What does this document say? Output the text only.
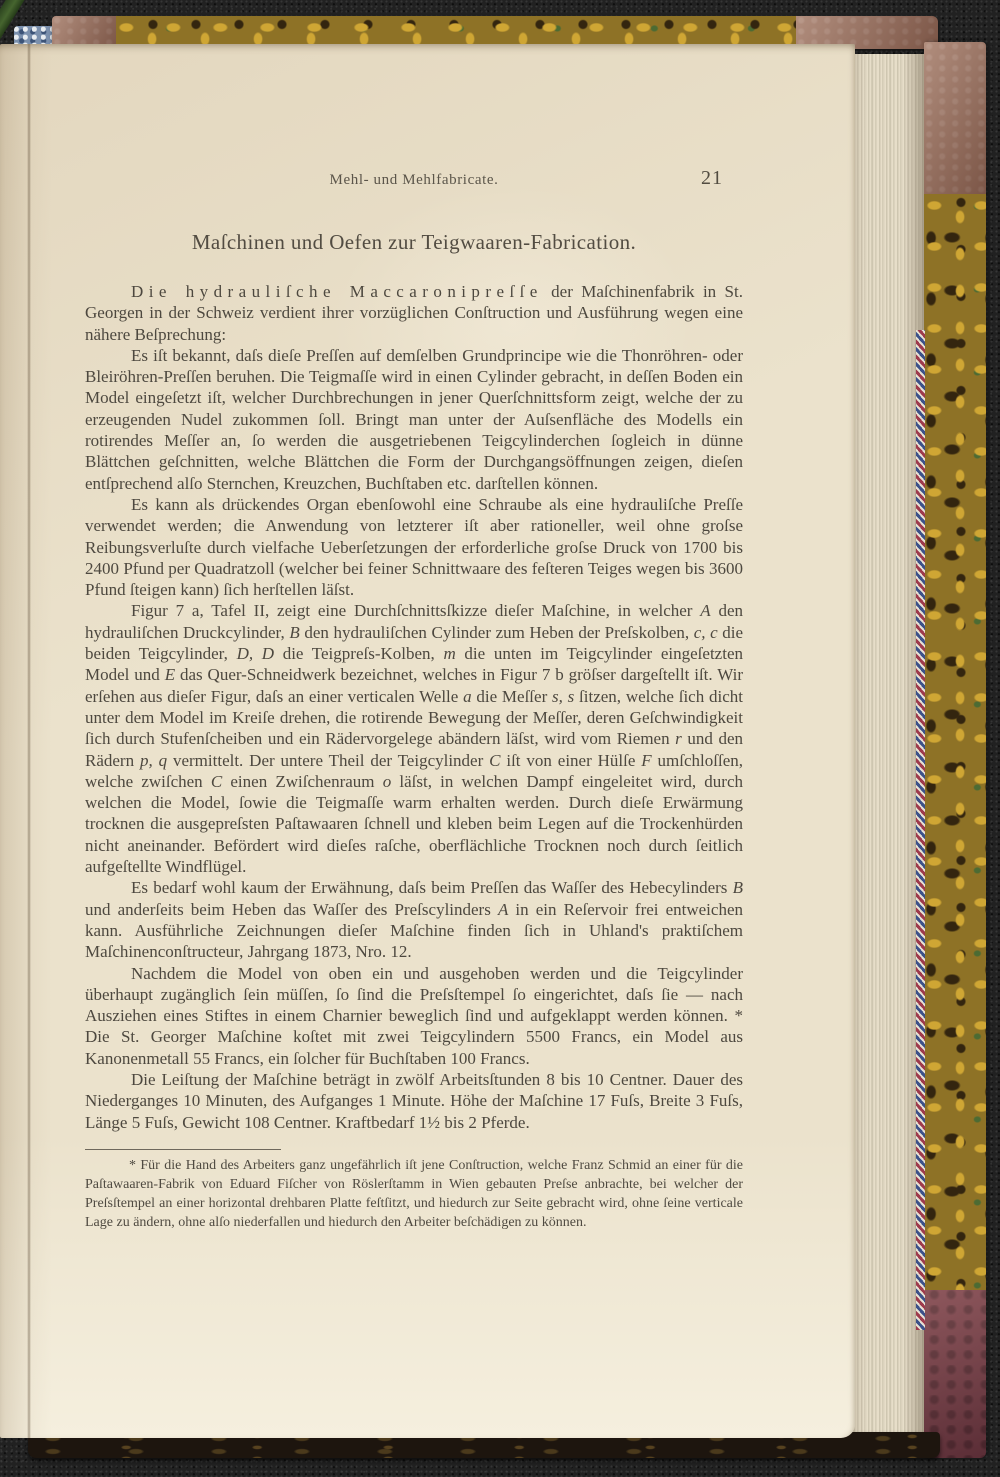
Mehl- und Mehlfabricate.	21
Maſchinen und Oefen zur Teigwaaren-Fabrication.

Die hydrauliſche Maccaronipreſſe der Maſchinenfabrik in St. Georgen in der Schweiz verdient ihrer vorzüglichen Conſtruction und Ausführung wegen eine nähere Beſprechung:

Es iſt bekannt, daſs dieſe Preſſen auf demſelben Grundprincipe wie die Thonröhren- oder Bleiröhren-Preſſen beruhen. Die Teigmaſſe wird in einen Cylinder gebracht, in deſſen Boden ein Model eingeſetzt iſt, welcher Durchbrechungen in jener Querſchnittsform zeigt, welche der zu erzeugenden Nudel zukommen ſoll. Bringt man unter der Auſsenfläche des Modells ein rotirendes Meſſer an, ſo werden die ausgetriebenen Teigcylinderchen ſogleich in dünne Blättchen geſchnitten, welche Blättchen die Form der Durchgangsöffnungen zeigen, dieſen entſprechend alſo Sternchen, Kreuzchen, Buchſtaben etc. darſtellen können.

Es kann als drückendes Organ ebenſowohl eine Schraube als eine hydrauliſche Preſſe verwendet werden; die Anwendung von letzterer iſt aber rationeller, weil ohne groſse Reibungsverluſte durch vielfache Ueberſetzungen der erforderliche groſse Druck von 1700 bis 2400 Pfund per Quadratzoll (welcher bei feiner Schnittwaare des feſteren Teiges wegen bis 3600 Pfund ſteigen kann) ſich herſtellen läſst.

Figur 7 a, Tafel II, zeigt eine Durchſchnittsſkizze dieſer Maſchine, in welcher A den hydrauliſchen Druckcylinder, B den hydrauliſchen Cylinder zum Heben der Preſskolben, c, c die beiden Teigcylinder, D, D die Teigpreſs-Kolben, m die unten im Teigcylinder eingeſetzten Model und E das Quer-Schneidwerk bezeichnet, welches in Figur 7 b gröſser dargeſtellt iſt. Wir erſehen aus dieſer Figur, daſs an einer verticalen Welle a die Meſſer s, s ſitzen, welche ſich dicht unter dem Model im Kreiſe drehen, die rotirende Bewegung der Meſſer, deren Geſchwindigkeit ſich durch Stufenſcheiben und ein Rädervorgelege abändern läſst, wird vom Riemen r und den Rädern p, q vermittelt. Der untere Theil der Teigcylinder C iſt von einer Hülſe F umſchloſſen, welche zwiſchen C einen Zwiſchenraum o läſst, in welchen Dampf eingeleitet wird, durch welchen die Model, ſowie die Teigmaſſe warm erhalten werden. Durch dieſe Erwärmung trocknen die ausgepreſsten Paſtawaaren ſchnell und kleben beim Legen auf die Trockenhürden nicht aneinander. Befördert wird dieſes raſche, oberflächliche Trocknen noch durch ſeitlich aufgeſtellte Windflügel.

Es bedarf wohl kaum der Erwähnung, daſs beim Preſſen das Waſſer des Hebecylinders B und anderſeits beim Heben das Waſſer des Preſscylinders A in ein Reſervoir frei entweichen kann. Ausführliche Zeichnungen dieſer Maſchine finden ſich in Uhland's praktiſchem Maſchinenconſtructeur, Jahrgang 1873, Nro. 12.

Nachdem die Model von oben ein und ausgehoben werden und die Teigcylinder überhaupt zugänglich ſein müſſen, ſo ſind die Preſsſtempel ſo eingerichtet, daſs ſie — nach Ausziehen eines Stiftes in einem Charnier beweglich ſind und aufgeklappt werden können. * Die St. Georger Maſchine koſtet mit zwei Teigcylindern 5500 Francs, ein Model aus Kanonenmetall 55 Francs, ein ſolcher für Buchſtaben 100 Francs.

Die Leiſtung der Maſchine beträgt in zwölf Arbeitsſtunden 8 bis 10 Centner. Dauer des Niederganges 10 Minuten, des Aufganges 1 Minute. Höhe der Maſchine 17 Fuſs, Breite 3 Fuſs, Länge 5 Fuſs, Gewicht 108 Centner. Kraftbedarf 1½ bis 2 Pferde.

* Für die Hand des Arbeiters ganz ungefährlich iſt jene Conſtruction, welche Franz Schmid an einer für die Paſtawaaren-Fabrik von Eduard Fiſcher von Röslerſtamm in Wien gebauten Preſse anbrachte, bei welcher der Preſsſtempel an einer horizontal drehbaren Platte feſtſitzt, und hiedurch zur Seite gebracht wird, ohne ſeine verticale Lage zu ändern, ohne alſo niederfallen und hiedurch den Arbeiter beſchädigen zu können.
